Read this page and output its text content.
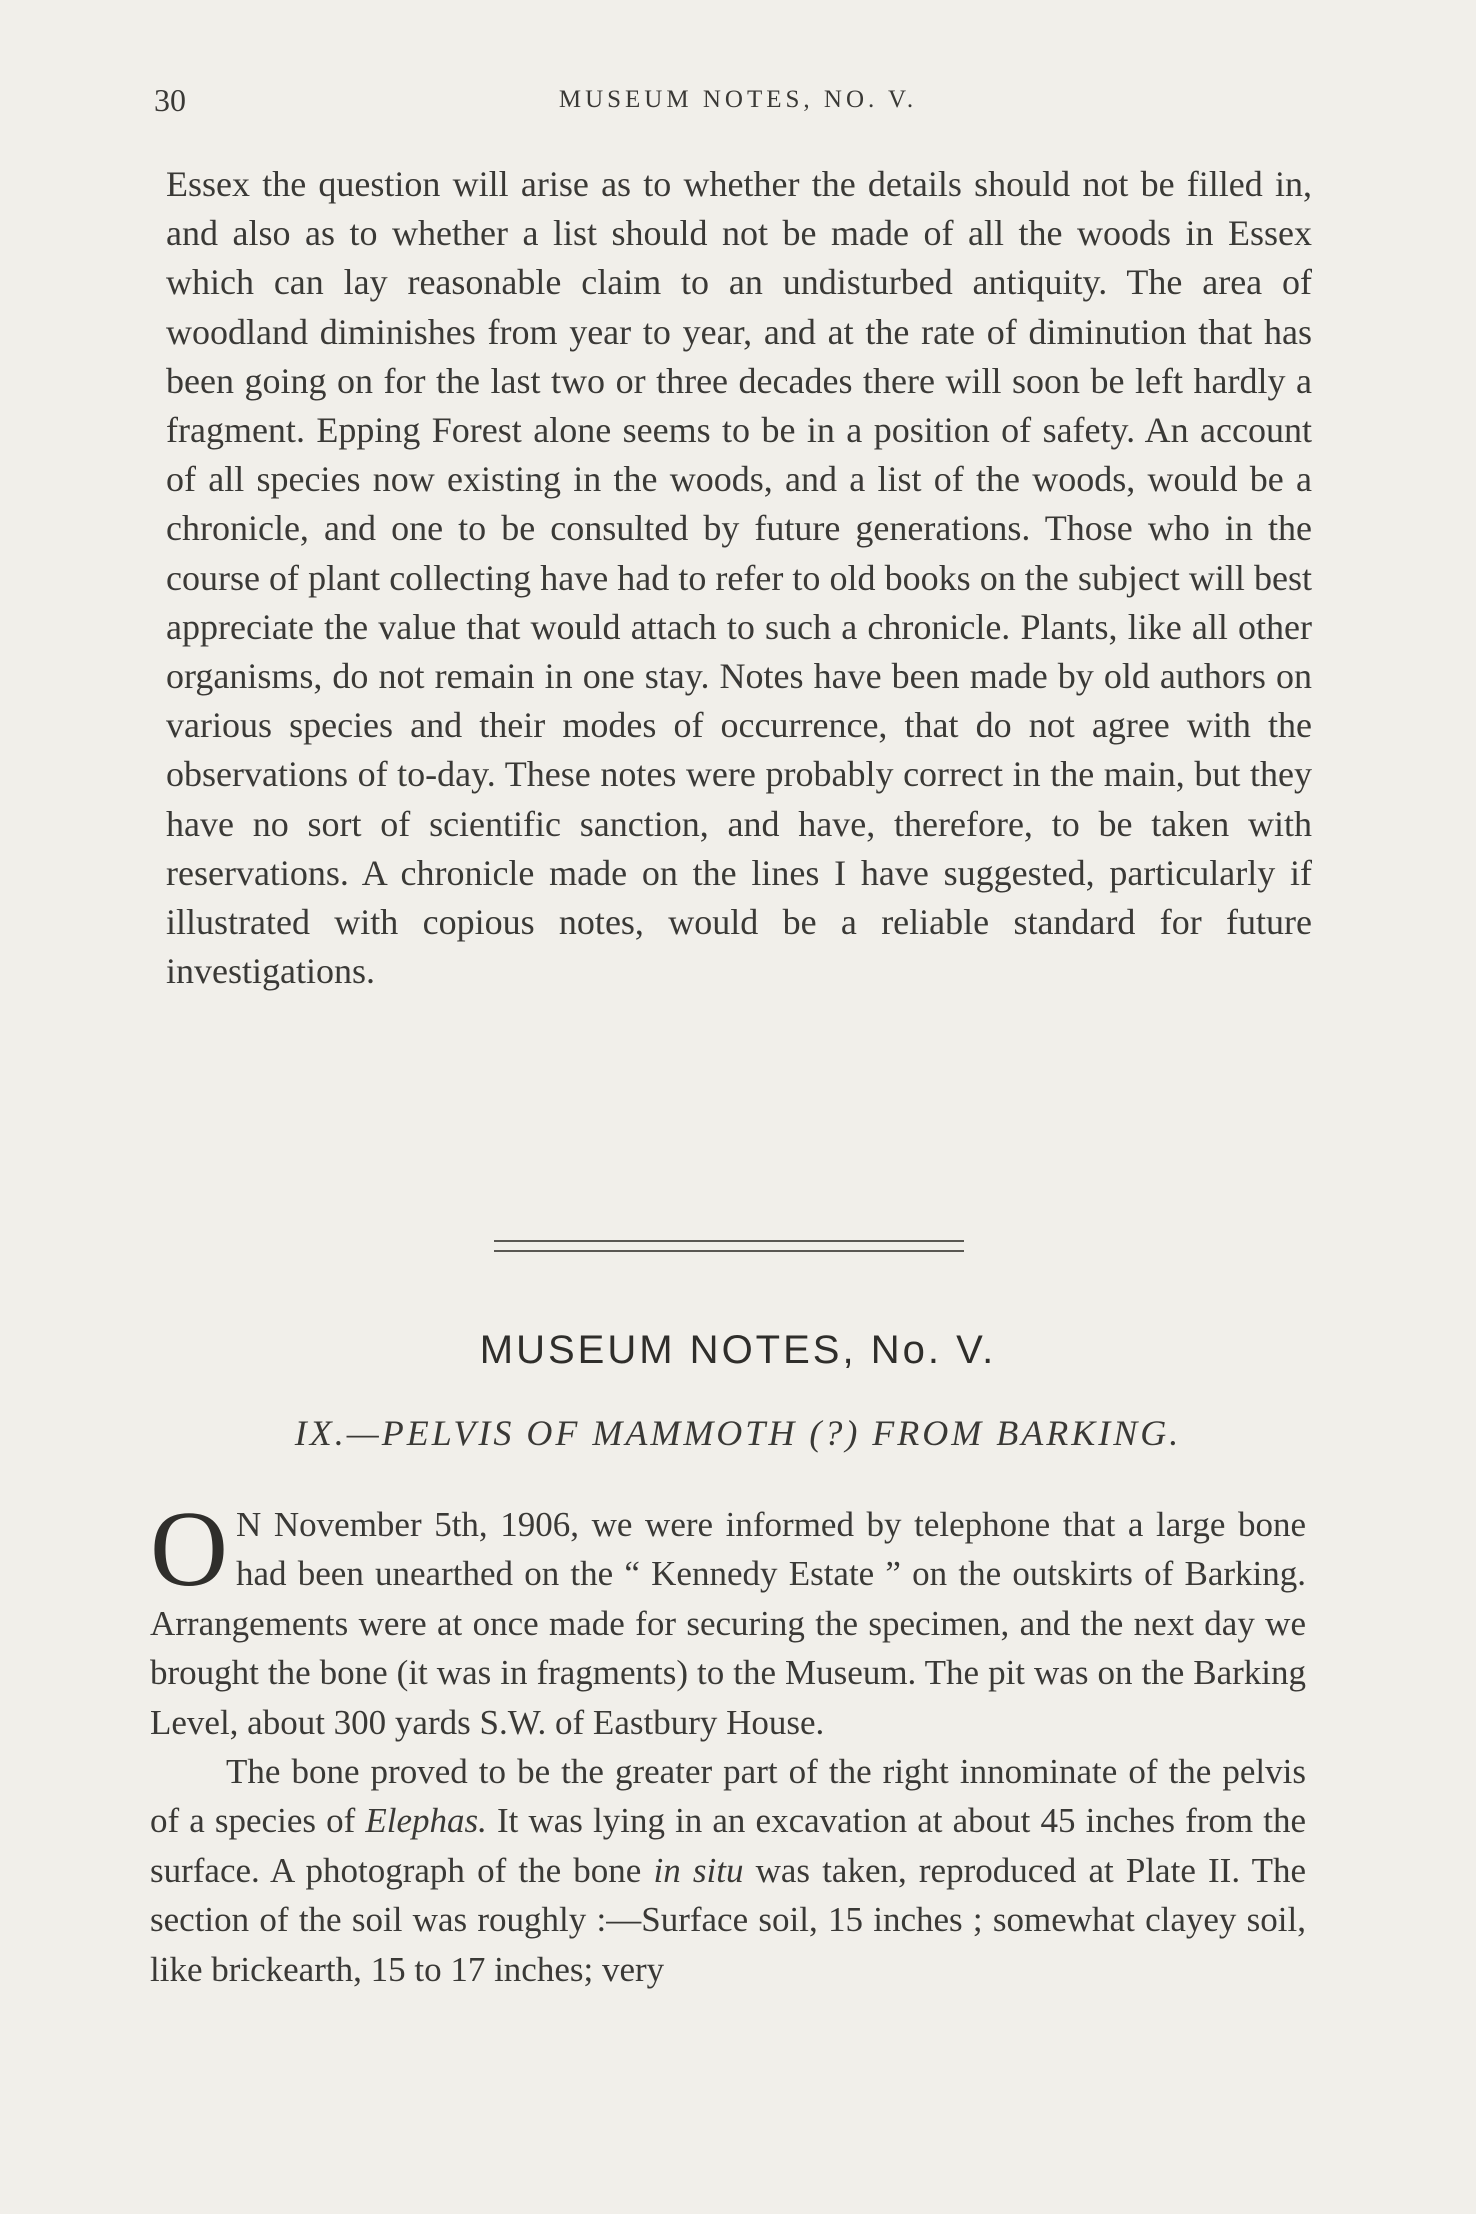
30	MUSEUM NOTES, NO. V.

Essex the question will arise as to whether the details should not be filled in, and also as to whether a list should not be made of all the woods in Essex which can lay reasonable claim to an undisturbed antiquity. The area of woodland diminishes from year to year, and at the rate of diminution that has been going on for the last two or three decades there will soon be left hardly a fragment. Epping Forest alone seems to be in a position of safety. An account of all species now existing in the woods, and a list of the woods, would be a chronicle, and one to be consulted by future generations. Those who in the course of plant collecting have had to refer to old books on the subject will best appreciate the value that would attach to such a chronicle. Plants, like all other organisms, do not remain in one stay. Notes have been made by old authors on various species and their modes of occurrence, that do not agree with the observations of to-day. These notes were probably correct in the main, but they have no sort of scientific sanction, and have, therefore, to be taken with reservations. A chronicle made on the lines I have suggested, particularly if illustrated with copious notes, would be a reliable standard for future investigations.

MUSEUM NOTES, No. V.
IX.—PELVIS OF MAMMOTH (?) FROM BARKING.

O N November 5th, 1906, we were informed by telephone that a large bone had been unearthed on the “ Kennedy Estate ” on the outskirts of Barking. Arrangements were at once made for securing the specimen, and the next day we brought the bone (it was in fragments) to the Museum. The pit was on the Barking Level, about 300 yards S.W. of Eastbury House.

The bone proved to be the greater part of the right innominate of the pelvis of a species of Elephas. It was lying in an excavation at about 45 inches from the surface. A photograph of the bone in situ was taken, reproduced at Plate II. The section of the soil was roughly :—Surface soil, 15 inches ; somewhat clayey soil, like brickearth, 15 to 17 inches; very
